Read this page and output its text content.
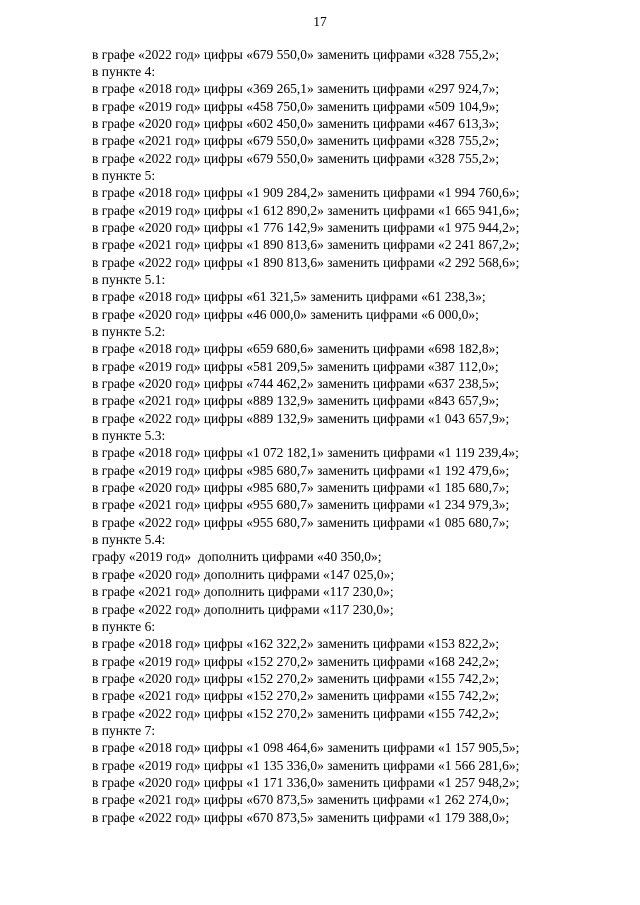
17
в графе «2022 год» цифры «679 550,0» заменить цифрами «328 755,2»;
в пункте 4:
в графе «2018 год» цифры «369 265,1» заменить цифрами «297 924,7»;
в графе «2019 год» цифры «458 750,0» заменить цифрами «509 104,9»;
в графе «2020 год» цифры «602 450,0» заменить цифрами «467 613,3»;
в графе «2021 год» цифры «679 550,0» заменить цифрами «328 755,2»;
в графе «2022 год» цифры «679 550,0» заменить цифрами «328 755,2»;
в пункте 5:
в графе «2018 год» цифры «1 909 284,2» заменить цифрами «1 994 760,6»;
в графе «2019 год» цифры «1 612 890,2» заменить цифрами «1 665 941,6»;
в графе «2020 год» цифры «1 776 142,9» заменить цифрами «1 975 944,2»;
в графе «2021 год» цифры «1 890 813,6» заменить цифрами «2 241 867,2»;
в графе «2022 год» цифры «1 890 813,6» заменить цифрами «2 292 568,6»;
в пункте 5.1:
в графе «2018 год» цифры «61 321,5» заменить цифрами «61 238,3»;
в графе «2020 год» цифры «46 000,0» заменить цифрами «6 000,0»;
в пункте 5.2:
в графе «2018 год» цифры «659 680,6» заменить цифрами «698 182,8»;
в графе «2019 год» цифры «581 209,5» заменить цифрами «387 112,0»;
в графе «2020 год» цифры «744 462,2» заменить цифрами «637 238,5»;
в графе «2021 год» цифры «889 132,9» заменить цифрами «843 657,9»;
в графе «2022 год» цифры «889 132,9» заменить цифрами «1 043 657,9»;
в пункте 5.3:
в графе «2018 год» цифры «1 072 182,1» заменить цифрами «1 119 239,4»;
в графе «2019 год» цифры «985 680,7» заменить цифрами «1 192 479,6»;
в графе «2020 год» цифры «985 680,7» заменить цифрами «1 185 680,7»;
в графе «2021 год» цифры «955 680,7» заменить цифрами «1 234 979,3»;
в графе «2022 год» цифры «955 680,7» заменить цифрами «1 085 680,7»;
в пункте 5.4:
графу «2019 год»  дополнить цифрами «40 350,0»;
в графе «2020 год» дополнить цифрами «147 025,0»;
в графе «2021 год» дополнить цифрами «117 230,0»;
в графе «2022 год» дополнить цифрами «117 230,0»;
в пункте 6:
в графе «2018 год» цифры «162 322,2» заменить цифрами «153 822,2»;
в графе «2019 год» цифры «152 270,2» заменить цифрами «168 242,2»;
в графе «2020 год» цифры «152 270,2» заменить цифрами «155 742,2»;
в графе «2021 год» цифры «152 270,2» заменить цифрами «155 742,2»;
в графе «2022 год» цифры «152 270,2» заменить цифрами «155 742,2»;
в пункте 7:
в графе «2018 год» цифры «1 098 464,6» заменить цифрами «1 157 905,5»;
в графе «2019 год» цифры «1 135 336,0» заменить цифрами «1 566 281,6»;
в графе «2020 год» цифры «1 171 336,0» заменить цифрами «1 257 948,2»;
в графе «2021 год» цифры «670 873,5» заменить цифрами «1 262 274,0»;
в графе «2022 год» цифры «670 873,5» заменить цифрами «1 179 388,0»;
